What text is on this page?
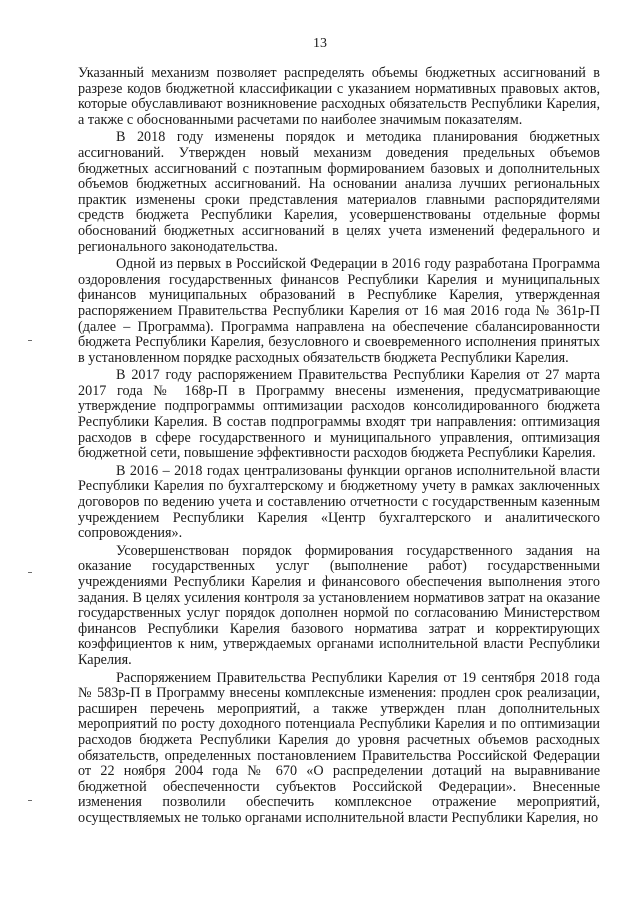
13

Указанный механизм позволяет распределять объемы бюджетных ассигнований в разрезе кодов бюджетной классификации с указанием нормативных правовых актов, которые обуславливают возникновение расходных обязательств Республики Карелия, а также с обоснованными расчетами по наиболее значимым показателям.

В 2018 году изменены порядок и методика планирования бюджетных ассигнований. Утвержден новый механизм доведения предельных объемов бюджетных ассигнований с поэтапным формированием базовых и дополнительных объемов бюджетных ассигнований. На основании анализа лучших региональных практик изменены сроки представления материалов главными распорядителями средств бюджета Республики Карелия, усовершенствованы отдельные формы обоснований бюджетных ассигнований в целях учета изменений федерального и регионального законодательства.

Одной из первых в Российской Федерации в 2016 году разработана Программа оздоровления государственных финансов Республики Карелия и муниципальных финансов муниципальных образований в Республике Карелия, утвержденная распоряжением Правительства Республики Карелия от 16 мая 2016 года № 361р-П (далее – Программа). Программа направлена на обеспечение сбалансированности бюджета Республики Карелия, безусловного и своевременного исполнения принятых в установленном порядке расходных обязательств бюджета Республики Карелия.

В 2017 году распоряжением Правительства Республики Карелия от 27 марта 2017 года № 168р-П в Программу внесены изменения, предусматривающие утверждение подпрограммы оптимизации расходов консолидированного бюджета Республики Карелия. В состав подпрограммы входят три направления: оптимизация расходов в сфере государственного и муниципального управления, оптимизация бюджетной сети, повышение эффективности расходов бюджета Республики Карелия.

В 2016 – 2018 годах централизованы функции органов исполнительной власти Республики Карелия по бухгалтерскому и бюджетному учету в рамках заключенных договоров по ведению учета и составлению отчетности с государственным казенным учреждением Республики Карелия «Центр бухгалтерского и аналитического сопровождения».

Усовершенствован порядок формирования государственного задания на оказание государственных услуг (выполнение работ) государственными учреждениями Республики Карелия и финансового обеспечения выполнения этого задания. В целях усиления контроля за установлением нормативов затрат на оказание государственных услуг порядок дополнен нормой по согласованию Министерством финансов Республики Карелия базового норматива затрат и корректирующих коэффициентов к ним, утверждаемых органами исполнительной власти Республики Карелия.

Распоряжением Правительства Республики Карелия от 19 сентября 2018 года № 583р-П в Программу внесены комплексные изменения: продлен срок реализации, расширен перечень мероприятий, а также утвержден план дополнительных мероприятий по росту доходного потенциала Республики Карелия и по оптимизации расходов бюджета Республики Карелия до уровня расчетных объемов расходных обязательств, определенных постановлением Правительства Российской Федерации от 22 ноября 2004 года № 670 «О распределении дотаций на выравнивание бюджетной обеспеченности субъектов Российской Федерации». Внесенные изменения позволили обеспечить комплексное отражение мероприятий, осуществляемых не только органами исполнительной власти Республики Карелия, но
